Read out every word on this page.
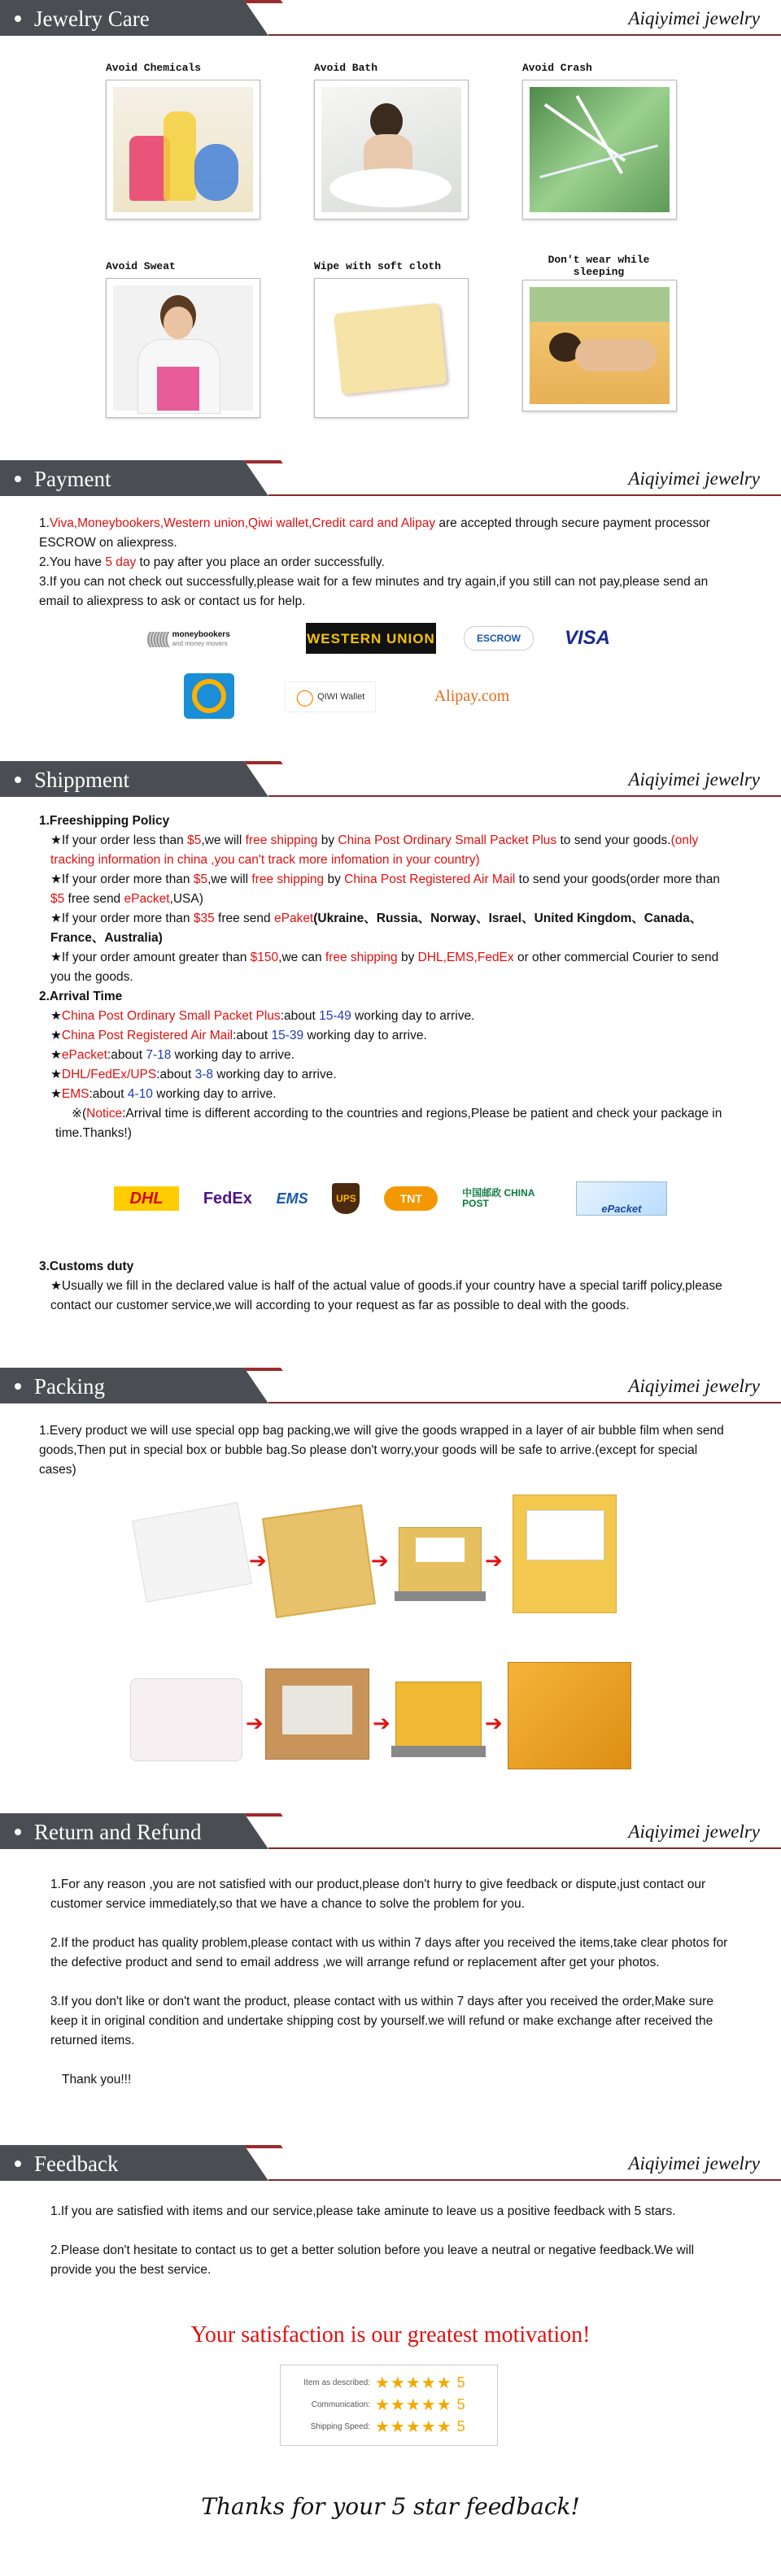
Jewelry Care	Aiqiyimei jewelry
Avoid Chemicals	Avoid Bath	Avoid Crash
Avoid Sweat	Wipe with soft cloth
Don't wear while sleeping
Payment	Aiqiyimei jewelry
1.Viva,Moneybookers,Western union,Qiwi wallet,Credit card and Alipay are accepted through secure payment processor ESCROW on aliexpress.
2.You have 5 day to pay after you place an order successfully.
3.If you can not check out successfully,please wait for a few minutes and try again,if you still can not pay,please send an email to aliexpress to ask or contact us for help.
((((((( moneybookers
and money movers	WESTERN UNION	ESCROW	VISA
◯ QIWI Wallet	Alipay.com
Shippment	Aiqiyimei jewelry
1.Freeshipping Policy
★If your order less than $5,we will free shipping by China Post Ordinary Small Packet Plus to send your goods.(only tracking information in china ,you can't track more infomation in your country)
★If your order more than $5,we will free shipping by China Post Registered Air Mail to send your goods(order more than $5 free send ePacket,USA)
★If your order more than $35 free send ePaket(Ukraine、Russia、Norway、Israel、United Kingdom、Canada、France、Australia)
★If your order amount greater than $150,we can free shipping by DHL,EMS,FedEx or other commercial Courier to send you the goods.
2.Arrival Time
★China Post Ordinary Small Packet Plus:about 15-49 working day to arrive.
★China Post Registered Air Mail:about 15-39 working day to arrive.
★ePacket:about 7-18 working day to arrive.
★DHL/FedEx/UPS:about 3-8 working day to arrive.
★EMS:about 4-10 working day to arrive.
※(Notice:Arrival time is different according to the countries and regions,Please be patient and check your package in time.Thanks!)
DHL	FedEx EMS	UPS	TNT	中国邮政 CHINA POST	ePacket
3.Customs duty
★Usually we fill in the declared value is half of the actual value of goods.if your country have a special tariff policy,please contact our customer service,we will according to your request as far as possible to deal with the goods.
Packing	Aiqiyimei jewelry
1.Every product we will use special opp bag packing,we will give the goods wrapped in a layer of air bubble film when send goods,Then put in special box or bubble bag.So please don't worry,your goods will be safe to arrive.(except for special cases)
➔	➔	➔
➔	➔	➔
Return and Refund	Aiqiyimei jewelry
1.For any reason ,you are not satisfied with our product,please don't hurry to give feedback or dispute,just contact our customer service immediately,so that we have a chance to solve the problem for you.
2.If the product has quality problem,please contact with us within 7 days after you received the items,take clear photos for the defective product and send to email address ,we will arrange refund or replacement after get your photos.
3.If you don't like or don't want the product, please contact with us within 7 days after you received the order,Make sure keep it in original condition and undertake shipping cost by yourself.we will refund or make exchange after received the returned items.
Thank you!!!
Feedback	Aiqiyimei jewelry
1.If you are satisfied with items and our service,please take aminute to leave us a positive feedback with 5 stars.
2.Please don't hesitate to contact us to get a better solution before you leave a neutral or negative feedback.We will provide you the best service.
Your satisfaction is our greatest motivation!
Item as described: ★★★★★ 5
Communication: ★★★★★ 5
Shipping Speed: ★★★★★ 5
Thanks for your 5 star feedback!
